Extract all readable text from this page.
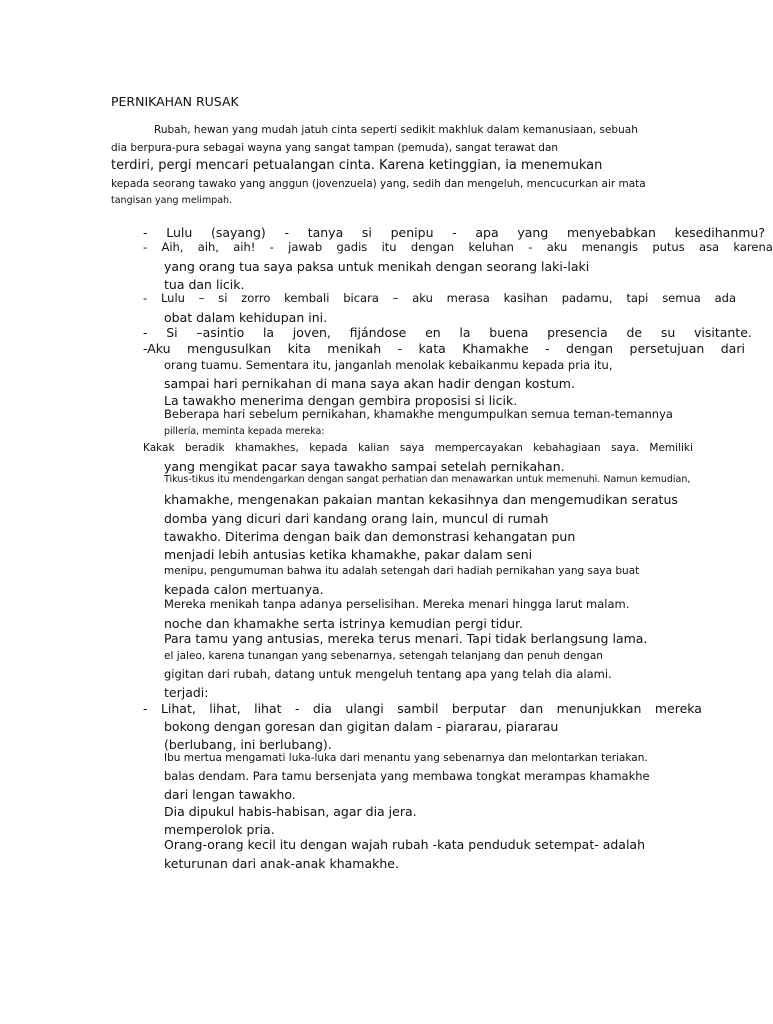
PERNIKAHAN RUSAK
Rubah, hewan yang mudah jatuh cinta seperti sedikit makhluk dalam kemanusiaan, sebuah
dia berpura-pura sebagai wayna yang sangat tampan (pemuda), sangat terawat dan
terdiri, pergi mencari petualangan cinta. Karena ketinggian, ia menemukan
kepada seorang tawako yang anggun (jovenzuela) yang, sedih dan mengeluh, mencucurkan air mata
tangisan yang melimpah.
- Lulu (sayang) - tanya si penipu - apa yang menyebabkan kesedihanmu?
- Aih, aih, aih! - jawab gadis itu dengan keluhan - aku menangis putus asa karena
yang orang tua saya paksa untuk menikah dengan seorang laki-laki
tua dan licik.
- Lulu – si zorro kembali bicara – aku merasa kasihan padamu, tapi semua ada
obat dalam kehidupan ini.
- Si –asintio la joven, fijándose en la buena presencia de su visitante.
-Aku mengusulkan kita menikah - kata Khamakhe - dengan persetujuan dari
orang tuamu. Sementara itu, janganlah menolak kebaikanmu kepada pria itu,
sampai hari pernikahan di mana saya akan hadir dengan kostum.
La tawakho menerima dengan gembira proposisi si licik.
Beberapa hari sebelum pernikahan, khamakhe mengumpulkan semua teman-temannya
pillería, meminta kepada mereka:
Kakak beradik khamakhes, kepada kalian saya mempercayakan kebahagiaan saya. Memiliki
yang mengikat pacar saya tawakho sampai setelah pernikahan.
Tikus-tikus itu mendengarkan dengan sangat perhatian dan menawarkan untuk memenuhi. Namun kemudian,
khamakhe, mengenakan pakaian mantan kekasihnya dan mengemudikan seratus
domba yang dicuri dari kandang orang lain, muncul di rumah
tawakho. Diterima dengan baik dan demonstrasi kehangatan pun
menjadi lebih antusias ketika khamakhe, pakar dalam seni
menipu, pengumuman bahwa itu adalah setengah dari hadiah pernikahan yang saya buat
kepada calon mertuanya.
Mereka menikah tanpa adanya perselisihan. Mereka menari hingga larut malam.
noche dan khamakhe serta istrinya kemudian pergi tidur.
Para tamu yang antusias, mereka terus menari. Tapi tidak berlangsung lama.
el jaleo, karena tunangan yang sebenarnya, setengah telanjang dan penuh dengan
gigitan dari rubah, datang untuk mengeluh tentang apa yang telah dia alami.
terjadi:
- Lihat, lihat, lihat - dia ulangi sambil berputar dan menunjukkan mereka
bokong dengan goresan dan gigitan dalam - piararau, piararau
(berlubang, ini berlubang).
Ibu mertua mengamati luka-luka dari menantu yang sebenarnya dan melontarkan teriakan.
balas dendam. Para tamu bersenjata yang membawa tongkat merampas khamakhe
dari lengan tawakho.
Dia dipukul habis-habisan, agar dia jera.
memperolok pria.
Orang-orang kecil itu dengan wajah rubah -kata penduduk setempat- adalah
keturunan dari anak-anak khamakhe.
